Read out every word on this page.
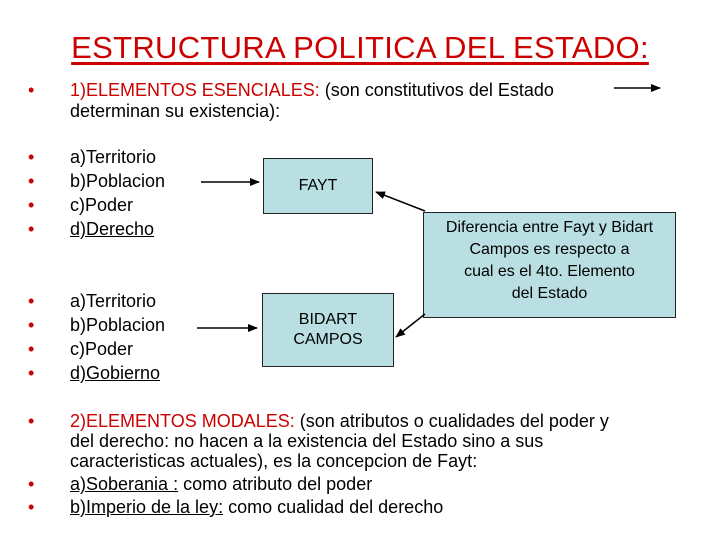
ESTRUCTURA POLITICA DEL ESTADO:
• 1)ELEMENTOS ESENCIALES: (son constitutivos del Estado
determinan su existencia):
• a)Territorio
• b)Poblacion
• c)Poder
• d)Derecho
• a)Territorio
• b)Poblacion
• c)Poder
• d)Gobierno
FAYT
BIDART
CAMPOS
Diferencia entre Fayt y Bidart
Campos es respecto a
cual es el 4to. Elemento
del Estado
• 2)ELEMENTOS MODALES: (son atributos o cualidades del poder y
del derecho: no hacen a la existencia del Estado sino a sus
caracteristicas actuales), es la concepcion de Fayt:
• a)Soberania : como atributo del poder
• b)Imperio de la ley: como cualidad del derecho
